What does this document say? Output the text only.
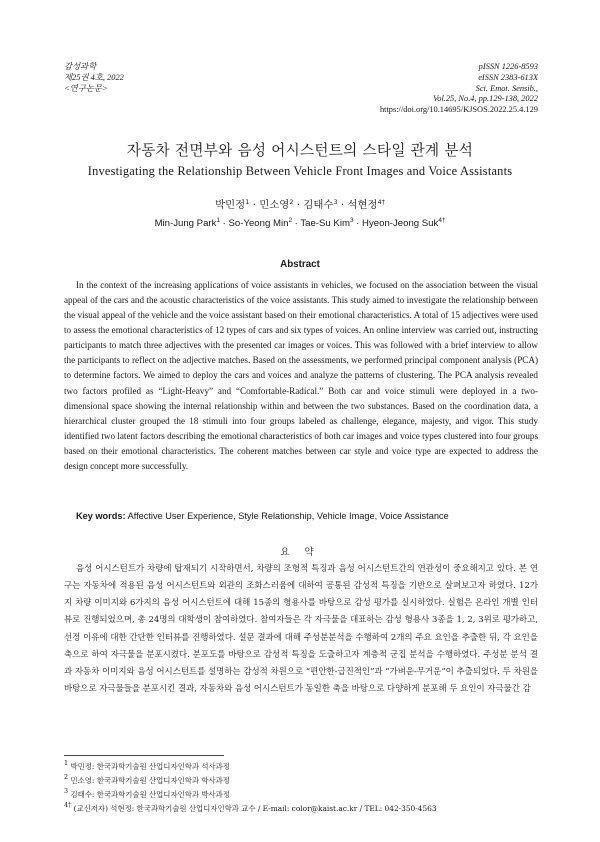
감성과학
제25권 4호, 2022
<연구논문>
pISSN 1226-8593
eISSN 2383-613X
Sci. Emot. Sensib.,
Vol.25, No.4, pp.129-138, 2022
https://doi.org/10.14695/KJSOS.2022.25.4.129
자동차 전면부와 음성 어시스턴트의 스타일 관계 분석
Investigating the Relationship Between Vehicle Front Images and Voice Assistants
박민정$^1$ · 민소영$^2$ · 김태수$^3$ · 석현정$^{4\dagger}$
Min-Jung Park$^1$ · So-Yeong Min$^2$ · Tae-Su Kim$^3$ · Hyeon-Jeong Suk$^{4\dagger}$
Abstract

In the context of the increasing applications of voice assistants in vehicles, we focused on the association between the visual appeal of the cars and the acoustic characteristics of the voice assistants. This study aimed to investigate the relationship between the visual appeal of the vehicle and the voice assistant based on their emotional characteristics. A total of 15 adjectives were used to assess the emotional characteristics of 12 types of cars and six types of voices. An online interview was carried out, instructing participants to match three adjectives with the presented car images or voices. This was followed with a brief interview to allow the participants to reflect on the adjective matches. Based on the assessments, we performed principal component analysis (PCA) to determine factors. We aimed to deploy the cars and voices and analyze the patterns of clustering. The PCA analysis revealed two factors profiled as “Light-Heavy” and “Comfortable-Radical.” Both car and voice stimuli were deployed in a two-dimensional space showing the internal relationship within and between the two substances. Based on the coordination data, a hierarchical cluster grouped the 18 stimuli into four groups labeled as challenge, elegance, majesty, and vigor. This study identified two latent factors describing the emotional characteristics of both car images and voice types clustered into four groups based on their emotional characteristics. The coherent matches between car style and voice type are expected to address the design concept more successfully.

Key words: Affective User Experience, Style Relationship, Vehicle Image, Voice Assistance
요 약

음성 어시스턴트가 차량에 탑재되기 시작하면서, 차량의 조형적 특징과 음성 어시스턴트간의 연관성이 중요해지고 있다. 본 연구는 자동차에 적용된 음성 어시스턴트와 외관의 조화스러움에 대하여 공통된 감성적 특징을 기반으로 살펴보고자 하였다. 12가지 차량 이미지와 6가지의 음성 어시스턴트에 대해 15종의 형용사를 바탕으로 감성 평가를 실시하였다. 실험은 온라인 개별 인터뷰로 진행되었으며, 총 24명의 대학생이 참여하였다. 참여자들은 각 자극물을 대표하는 감성 형용사 3종을 1, 2, 3위로 평가하고, 선정 이유에 대한 간단한 인터뷰를 진행하였다. 설문 결과에 대해 주성분분석을 수행하여 2개의 주요 요인을 추출한 뒤, 각 요인을 축으로 하여 자극물을 분포시켰다. 분포도를 바탕으로 감성적 특징을 도출하고자 계층적 군집 분석을 수행하였다. 주성분 분석 결과 자동차 이미지와 음성 어시스턴트를 설명하는 감성적 차원으로 “편안한-급진적인”과 “가벼운-무거운”이 추출되었다. 두 차원을 바탕으로 자극물들을 분포시킨 결과, 자동차와 음성 어시스턴트가 동일한 축을 바탕으로 다양하게 분포해 두 요인이 자극물간 감

$^1$ 박민정: 한국과학기술원 산업디자인학과 석사과정
$^2$ 민소영: 한국과학기술원 산업디자인학과 학사과정
$^3$ 김태수: 한국과학기술원 산업디자인학과 박사과정
$^{4\dagger}$ (교신저자) 석현정: 한국과학기술원 산업디자인학과 교수 / E-mail: color@kaist.ac.kr / TEL: 042-350-4563
